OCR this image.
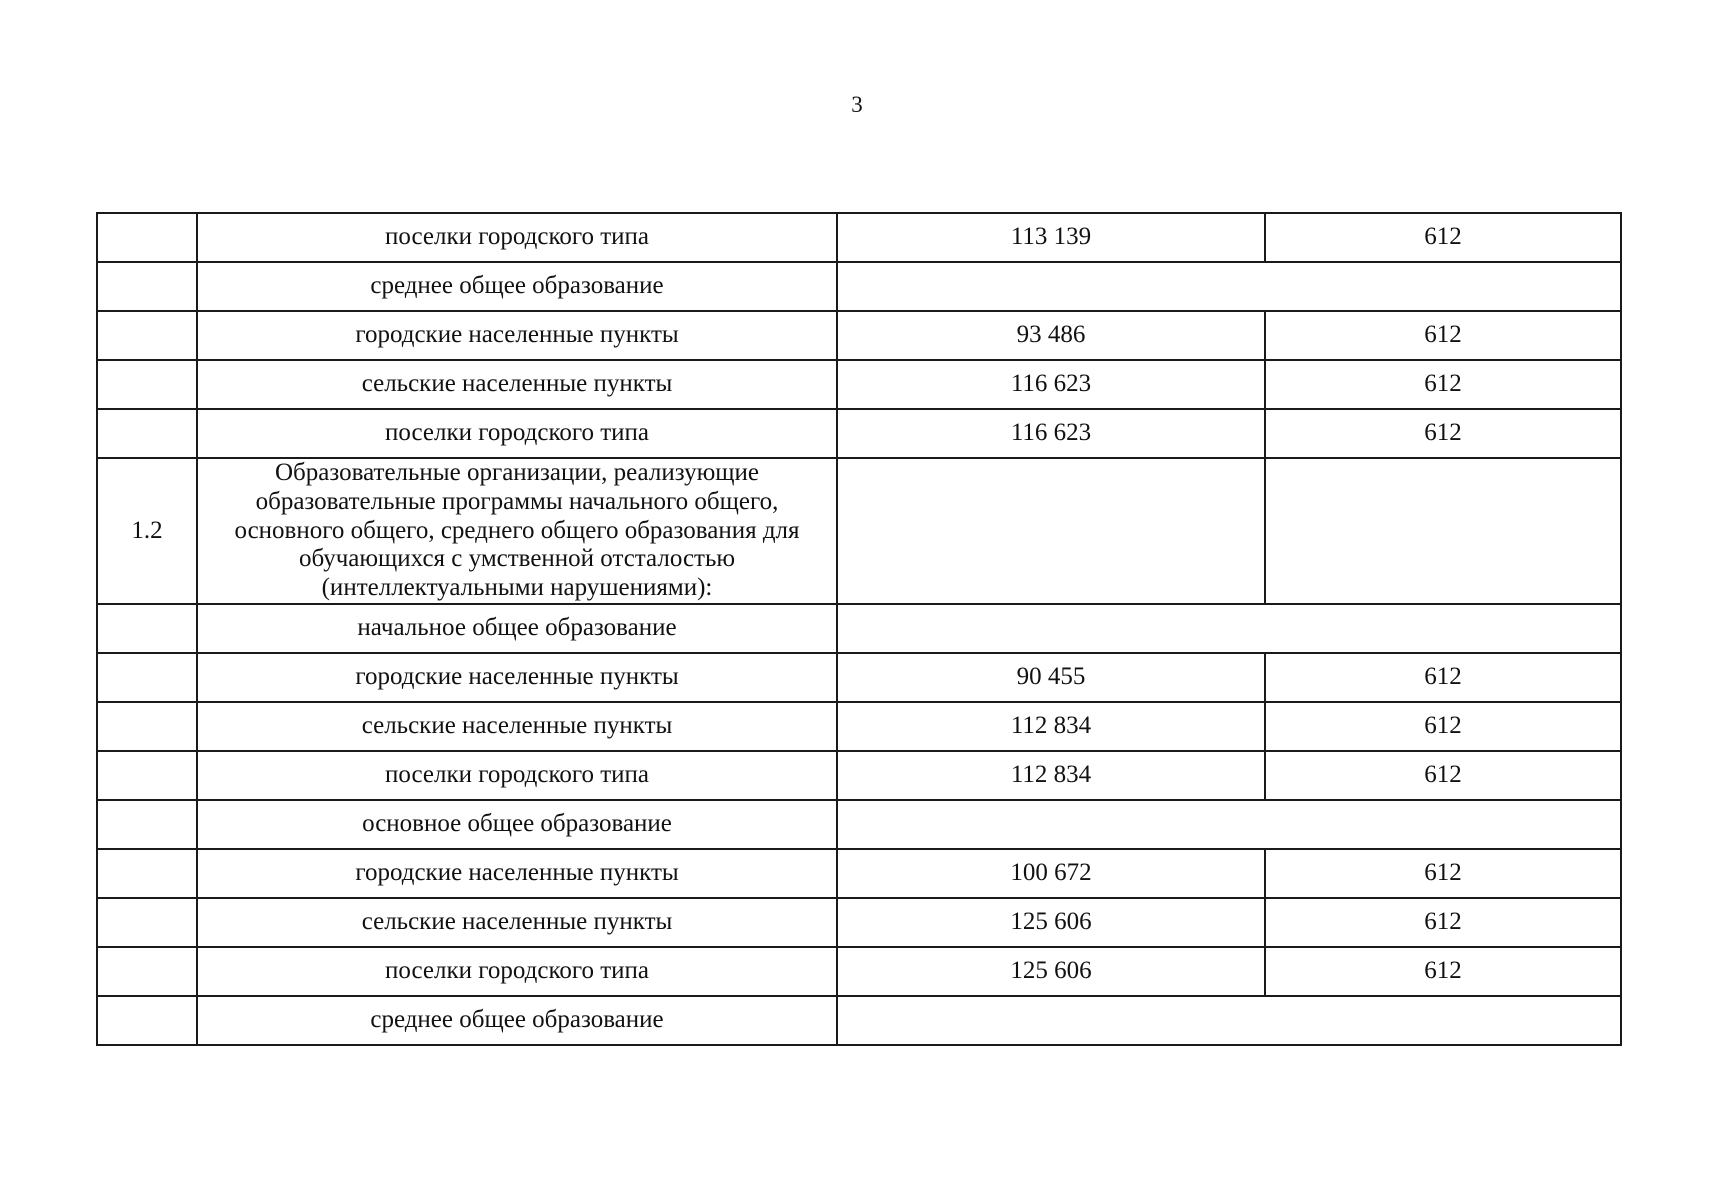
3
	поселки городского типа	113 139	612
	среднее общее образование		
	городские населенные пункты	93 486	612
	сельские населенные пункты	116 623	612
	поселки городского типа	116 623	612
1.2	Образовательные организации, реализующие образовательные программы начального общего, основного общего, среднего общего образования для обучающихся с умственной отсталостью (интеллектуальными нарушениями):		
	начальное общее образование		
	городские населенные пункты	90 455	612
	сельские населенные пункты	112 834	612
	поселки городского типа	112 834	612
	основное общее образование		
	городские населенные пункты	100 672	612
	сельские населенные пункты	125 606	612
	поселки городского типа	125 606	612
	среднее общее образование		
